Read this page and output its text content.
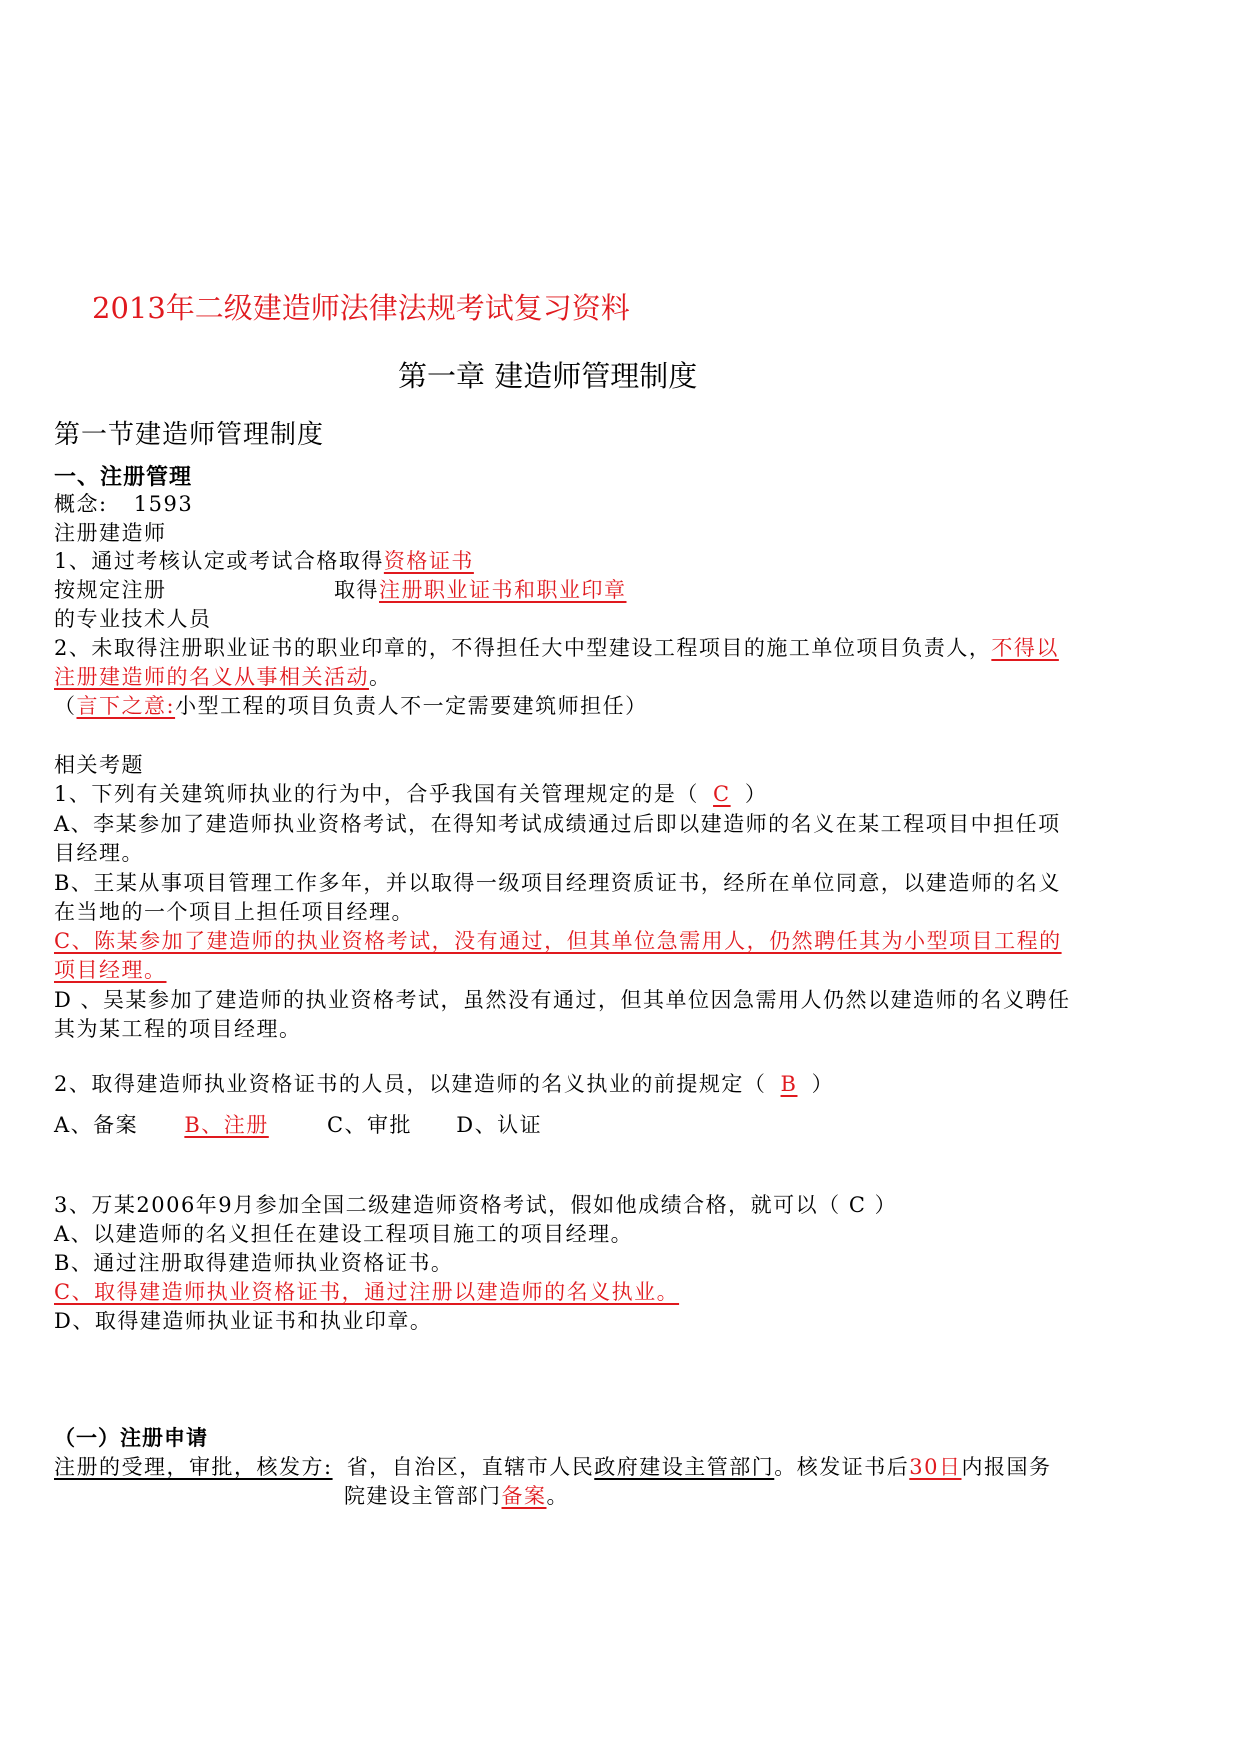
2013年二级建造师法律法规考试复习资料
第一章 建造师管理制度
第一节建造师管理制度
一、注册管理
概念: 1593
注册建造师
1、通过考核认定或考试合格取得资格证书
按规定注册	取得注册职业证书和职业印章
的专业技术人员
2、未取得注册职业证书的职业印章的，不得担任大中型建设工程项目的施工单位项目负责人，不得以
注册建造师的名义从事相关活动。
（言下之意:小型工程的项目负责人不一定需要建筑师担任）
相关考题
1、下列有关建筑师执业的行为中，合乎我国有关管理规定的是（ C ）
A、李某参加了建造师执业资格考试，在得知考试成绩通过后即以建造师的名义在某工程项目中担任项
目经理。
B、王某从事项目管理工作多年，并以取得一级项目经理资质证书，经所在单位同意，以建造师的名义
在当地的一个项目上担任项目经理。
C、陈某参加了建造师的执业资格考试，没有通过，但其单位急需用人，仍然聘任其为小型项目工程的
项目经理。
D 、吴某参加了建造师的执业资格考试，虽然没有通过，但其单位因急需用人仍然以建造师的名义聘任
其为某工程的项目经理。
2、取得建造师执业资格证书的人员，以建造师的名义执业的前提规定（ B ）
A、备案 B、注册	C、审批 D、认证
3、万某2006年9月参加全国二级建造师资格考试，假如他成绩合格，就可以（ C ）
A、以建造师的名义担任在建设工程项目施工的项目经理。
B、通过注册取得建造师执业资格证书。
C、取得建造师执业资格证书，通过注册以建造师的名义执业。
D、取得建造师执业证书和执业印章。
（一）注册申请
注册的受理，审批，核发方: 省，自治区，直辖市人民政府建设主管部门。核发证书后30日内报国务
院建设主管部门备案。
